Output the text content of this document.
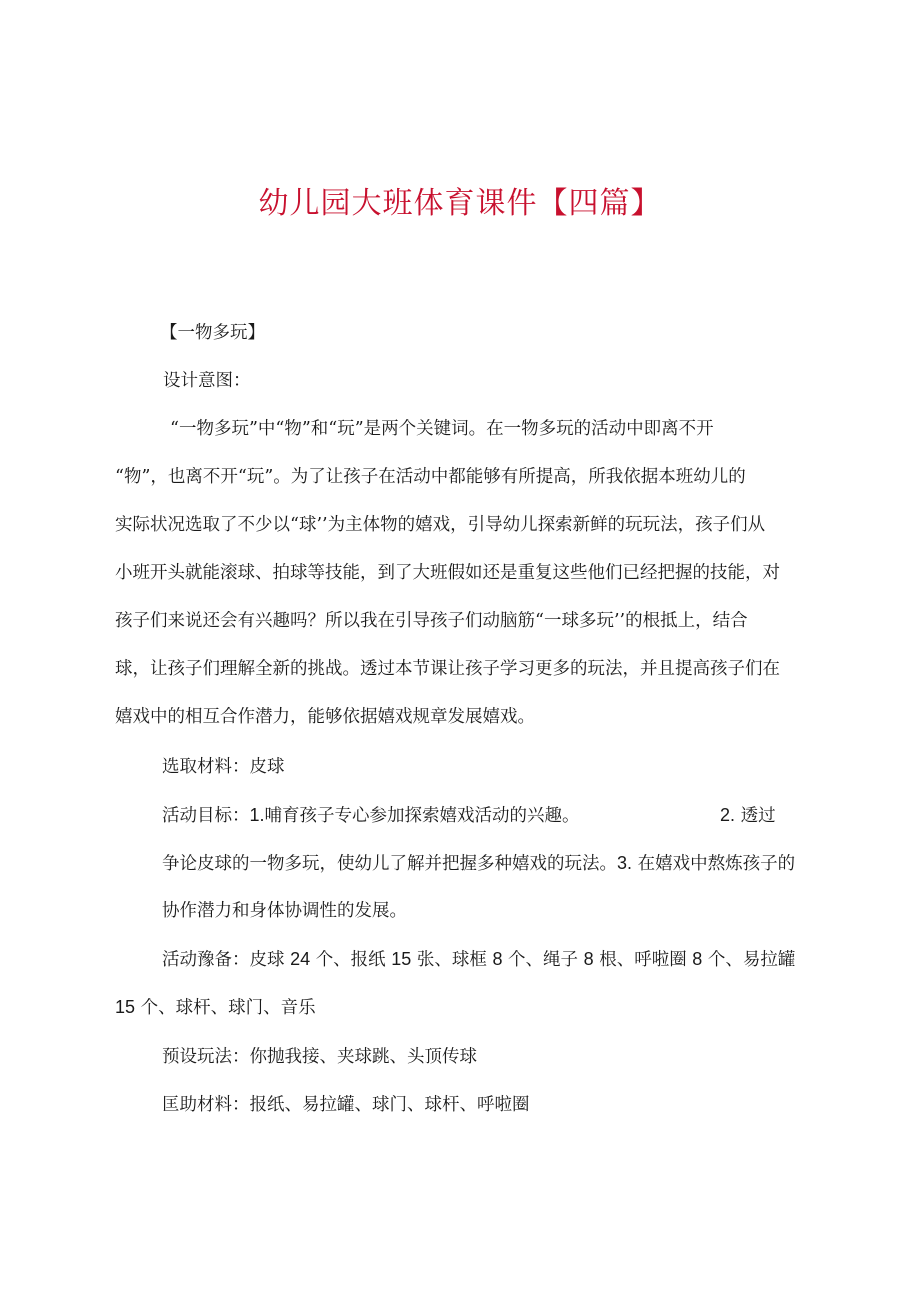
幼儿园大班体育课件【四篇】
【一物多玩】
设计意图：
“一物多玩”中“物”和“玩”是两个关键词。在一物多玩的活动中即离不开
“物”，也离不开“玩”。为了让孩子在活动中都能够有所提高，所我依据本班幼儿的
实际状况选取了不少以“球’’为主体物的嬉戏，引导幼儿探索新鲜的玩玩法，孩子们从
小班开头就能滚球、拍球等技能，到了大班假如还是重复这些他们已经把握的技能，对
孩子们来说还会有兴趣吗？所以我在引导孩子们动脑筋“一球多玩’’的根抵上，结合
球，让孩子们理解全新的挑战。透过本节课让孩子学习更多的玩法，并且提高孩子们在
嬉戏中的相互合作潜力，能够依据嬉戏规章发展嬉戏。
选取材料：皮球
活动目标：1.哺育孩子专心参加探索嬉戏活动的兴趣。	2. 透过
争论皮球的一物多玩，使幼儿了解并把握多种嬉戏的玩法。3. 在嬉戏中熬炼孩子的
协作潜力和身体协调性的发展。
活动豫备：皮球 24 个、报纸 15 张、球框 8 个、绳子 8 根、呼啦圈 8 个、易拉罐
15 个、球杆、球门、音乐
预设玩法：你抛我接、夹球跳、头顶传球
匡助材料：报纸、易拉罐、球门、球杆、呼啦圈
